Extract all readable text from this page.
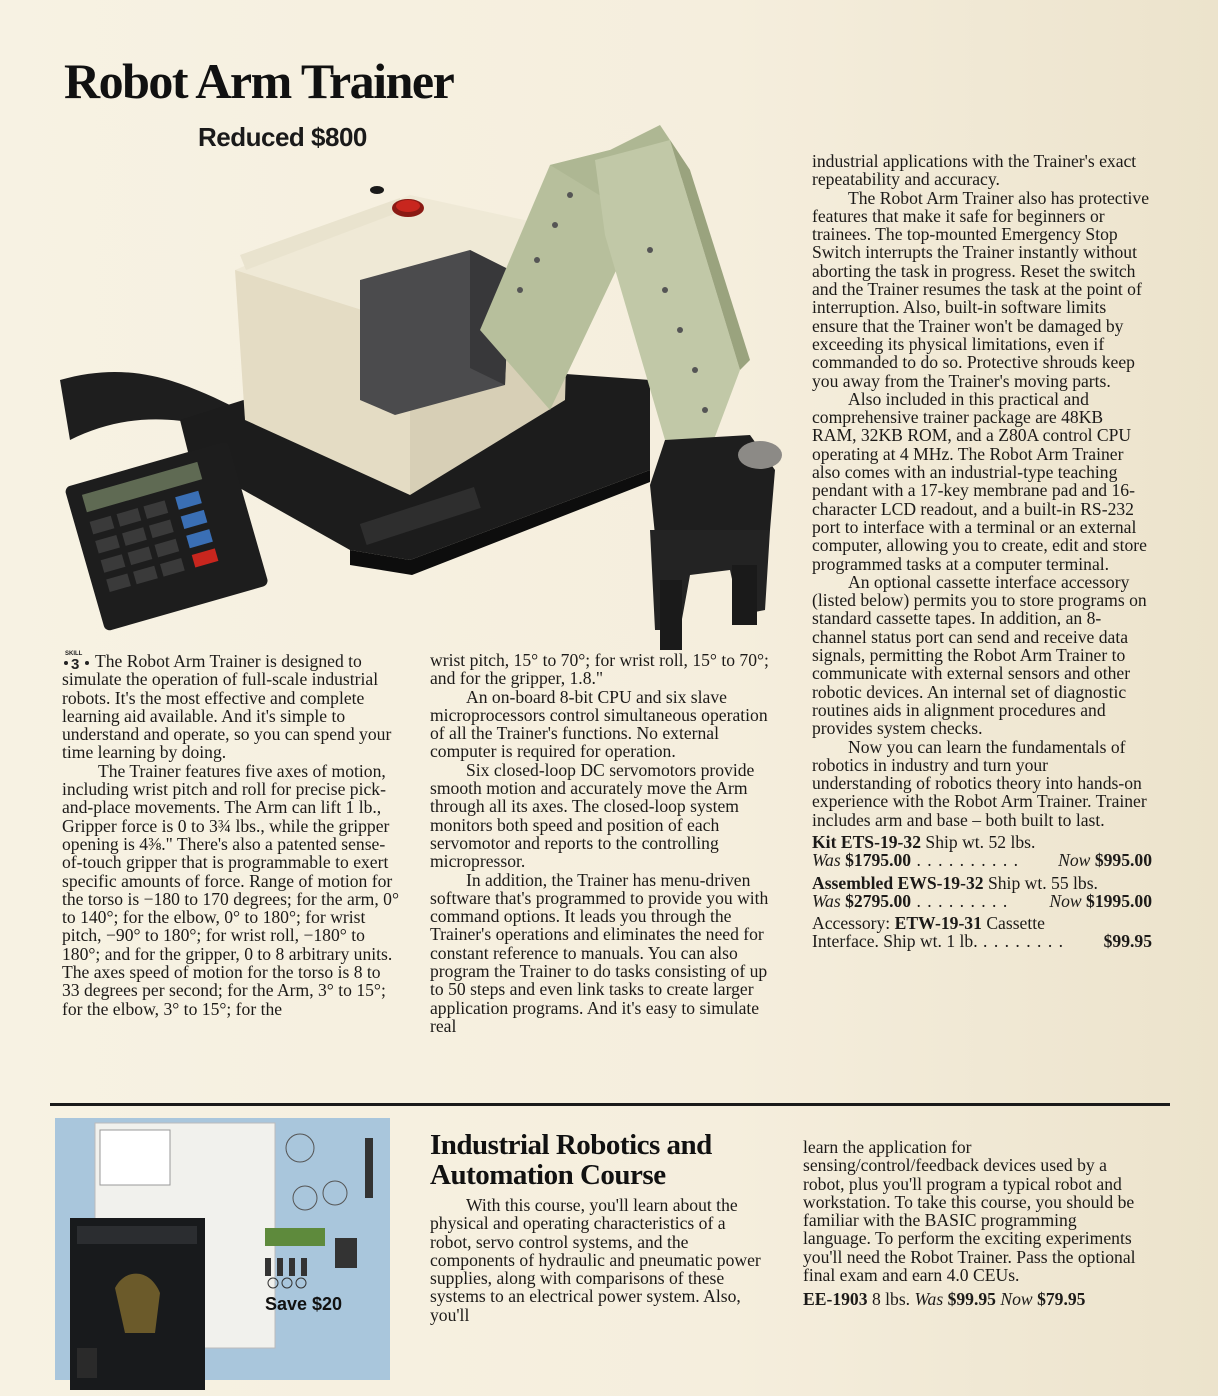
Robot Arm Trainer
Reduced $800

SKILL
3 The Robot Arm Trainer is designed to simulate the operation of full-scale industrial robots. It's the most effective and complete learning aid available. And it's simple to understand and operate, so you can spend your time learning by doing.

The Trainer features five axes of motion, including wrist pitch and roll for precise pick-and-place movements. The Arm can lift 1 lb., Gripper force is 0 to 3¾ lbs., while the gripper opening is 4⅜." There's also a patented sense-of-touch gripper that is programmable to exert specific amounts of force. Range of motion for the torso is −180 to 170 degrees; for the arm, 0° to 140°; for the elbow, 0° to 180°; for wrist pitch, −90° to 180°; for wrist roll, −180° to 180°; and for the gripper, 0 to 8 arbitrary units. The axes speed of motion for the torso is 8 to 33 degrees per second; for the Arm, 3° to 15°; for the elbow, 3° to 15°; for the

wrist pitch, 15° to 70°; for wrist roll, 15° to 70°; and for the gripper, 1.8."

An on-board 8-bit CPU and six slave microprocessors control simultaneous operation of all the Trainer's functions. No external computer is required for operation.

Six closed-loop DC servomotors provide smooth motion and accurately move the Arm through all its axes. The closed-loop system monitors both speed and position of each servomotor and reports to the controlling micropressor.

In addition, the Trainer has menu-driven software that's programmed to provide you with command options. It leads you through the Trainer's operations and eliminates the need for constant reference to manuals. You can also program the Trainer to do tasks consisting of up to 50 steps and even link tasks to create larger application programs. And it's easy to simulate real

industrial applications with the Trainer's exact repeatability and accuracy.

The Robot Arm Trainer also has protective features that make it safe for beginners or trainees. The top-mounted Emergency Stop Switch interrupts the Trainer instantly without aborting the task in progress. Reset the switch and the Trainer resumes the task at the point of interruption. Also, built-in software limits ensure that the Trainer won't be damaged by exceeding its physical limitations, even if commanded to do so. Protective shrouds keep you away from the Trainer's moving parts.

Also included in this practical and comprehensive trainer package are 48KB RAM, 32KB ROM, and a Z80A control CPU operating at 4 MHz. The Robot Arm Trainer also comes with an industrial-type teaching pendant with a 17-key membrane pad and 16-character LCD readout, and a built-in RS-232 port to interface with a terminal or an external computer, allowing you to create, edit and store programmed tasks at a computer terminal.

An optional cassette interface accessory (listed below) permits you to store programs on standard cassette tapes. In addition, an 8-channel status port can send and receive data signals, permitting the Robot Arm Trainer to communicate with external sensors and other robotic devices. An internal set of diagnostic routines aids in alignment procedures and provides system checks.

Now you can learn the fundamentals of robotics in industry and turn your understanding of robotics theory into hands-on experience with the Robot Arm Trainer. Trainer includes arm and base – both built to last.

Kit ETS-19-32 Ship wt. 52 lbs.
Was $1795.00 . . . . . . . . . . Now $995.00
Assembled EWS-19-32 Ship wt. 55 lbs.
Was $2795.00 . . . . . . . . . Now $1995.00
Accessory: ETW-19-31 Cassette
Interface. Ship wt. 1 lb. . . . . . . . . $99.95
Save $20
Industrial Robotics and
Automation Course

With this course, you'll learn about the physical and operating characteristics of a robot, servo control systems, and the components of hydraulic and pneumatic power supplies, along with comparisons of these systems to an electrical power system. Also, you'll

learn the application for sensing/control/feedback devices used by a robot, plus you'll program a typical robot and workstation. To take this course, you should be familiar with the BASIC programming language. To perform the exciting experiments you'll need the Robot Trainer. Pass the optional final exam and earn 4.0 CEUs.

EE-1903 8 lbs. Was $99.95 Now $79.95
